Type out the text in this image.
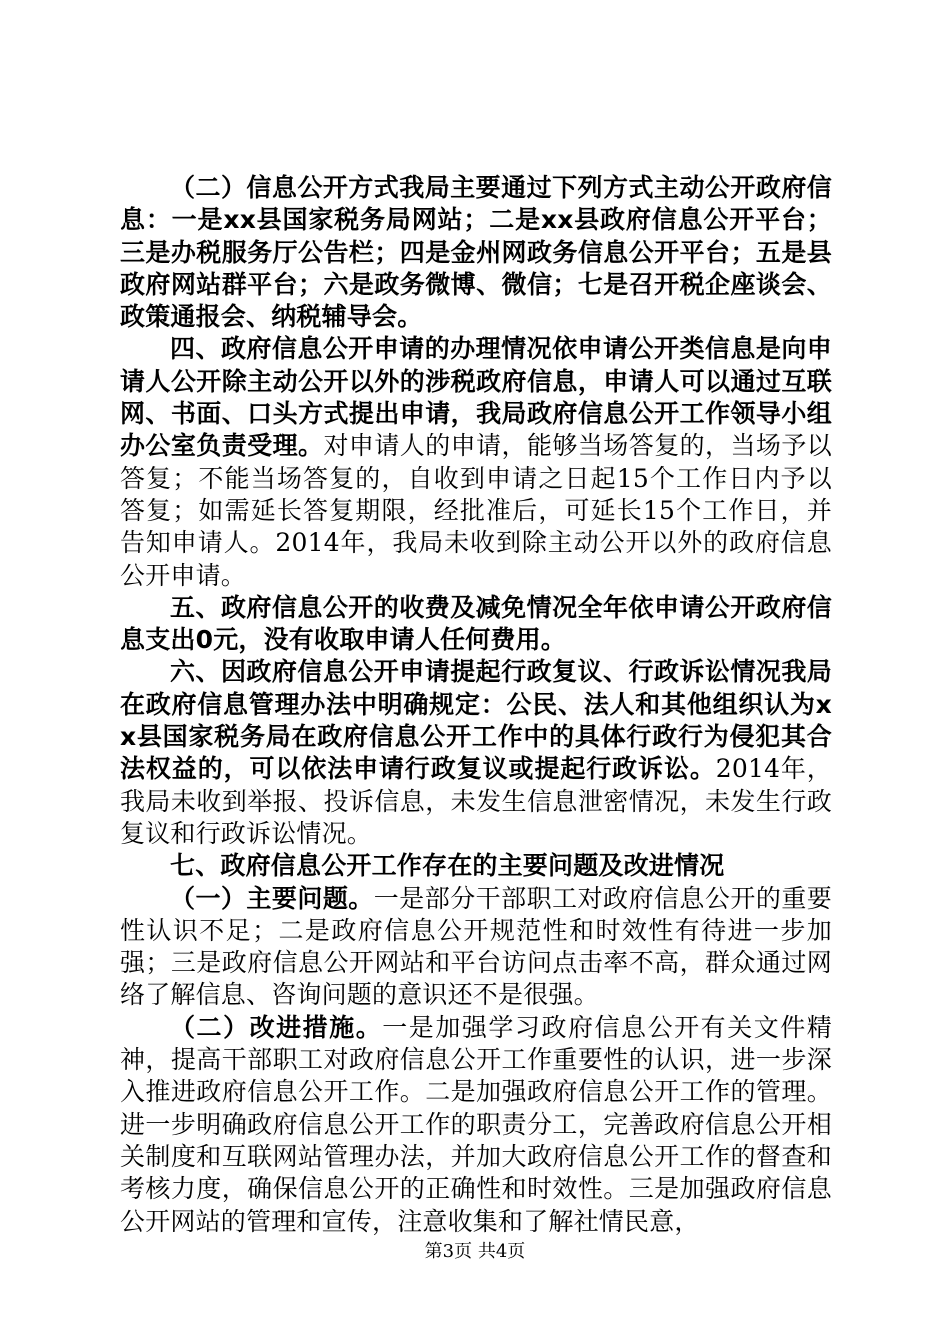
（二）信息公开方式我局主要通过下列方式主动公开政府信息：一是xx县国家税务局网站；二是xx县政府信息公开平台；三是办税服务厅公告栏；四是金州网政务信息公开平台；五是县政府网站群平台；六是政务微博、微信；七是召开税企座谈会、政策通报会、纳税辅导会。

四、政府信息公开申请的办理情况依申请公开类信息是向申请人公开除主动公开以外的涉税政府信息，申请人可以通过互联网、书面、口头方式提出申请，我局政府信息公开工作领导小组办公室负责受理。对申请人的申请，能够当场答复的，当场予以答复；不能当场答复的，自收到申请之日起15个工作日内予以答复；如需延长答复期限，经批准后，可延长15个工作日，并告知申请人。2014年，我局未收到除主动公开以外的政府信息公开申请。

五、政府信息公开的收费及减免情况全年依申请公开政府信息支出0元，没有收取申请人任何费用。

六、因政府信息公开申请提起行政复议、行政诉讼情况我局在政府信息管理办法中明确规定：公民、法人和其他组织认为xx县国家税务局在政府信息公开工作中的具体行政行为侵犯其合法权益的，可以依法申请行政复议或提起行政诉讼。2014年，我局未收到举报、投诉信息，未发生信息泄密情况，未发生行政复议和行政诉讼情况。

七、政府信息公开工作存在的主要问题及改进情况

（一）主要问题。一是部分干部职工对政府信息公开的重要性认识不足；二是政府信息公开规范性和时效性有待进一步加强；三是政府信息公开网站和平台访问点击率不高，群众通过网络了解信息、咨询问题的意识还不是很强。

（二）改进措施。一是加强学习政府信息公开有关文件精神，提高干部职工对政府信息公开工作重要性的认识，进一步深入推进政府信息公开工作。二是加强政府信息公开工作的管理。进一步明确政府信息公开工作的职责分工，完善政府信息公开相关制度和互联网站管理办法，并加大政府信息公开工作的督查和考核力度，确保信息公开的正确性和时效性。三是加强政府信息公开网站的管理和宣传，注意收集和了解社情民意，

第3页 共4页
